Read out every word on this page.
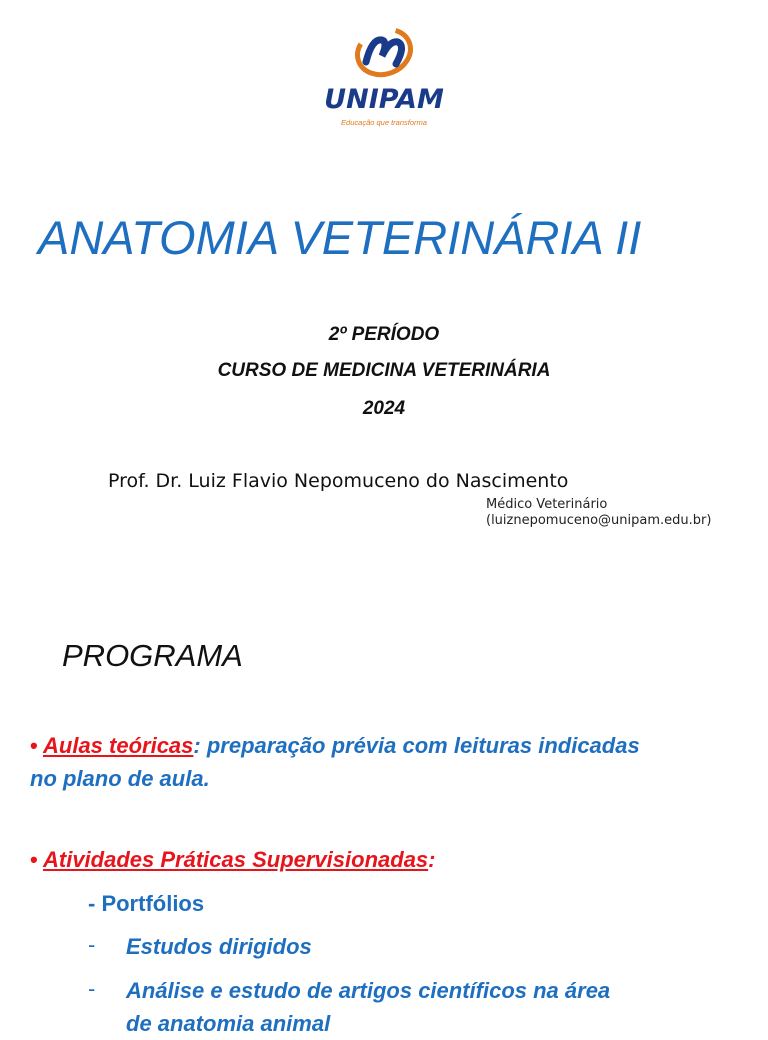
UNIPAM
Educação que transforma
ANATOMIA VETERINÁRIA II
2º PERÍODO
CURSO DE MEDICINA VETERINÁRIA
2024
Prof. Dr. Luiz Flavio Nepomuceno do Nascimento
Médico Veterinário
(luiznepomuceno@unipam.edu.br)
PROGRAMA
• Aulas teóricas: preparação prévia com leituras indicadas no plano de aula.
• Atividades Práticas Supervisionadas:
- Portfólios
- Estudos dirigidos
- Análise e estudo de artigos científicos na área
de anatomia animal
